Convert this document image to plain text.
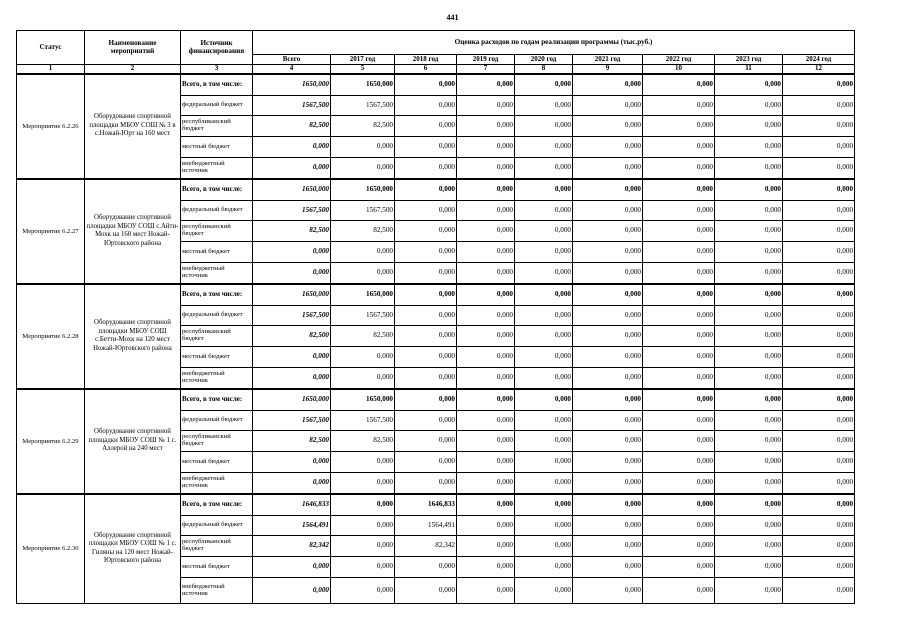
441
Статус	Наименование мероприятий	Источник финансирования	Оценка расходов по годам реализации программы (тыс.руб.)								
			Всего	2017 год	2018 год	2019 год	2020 год	2021 год	2022 год	2023 год	2024 год
1	2	3	4	5	6	7	8	9	10	11	12
Мероприятие 6.2.26	Оборудование спортивной площадки МБОУ СОШ № 3 в с.Ножай-Юрт на 160 мест	Всего, в том числе:	1650,000	1650,000	0,000	0,000	0,000	0,000	0,000	0,000	0,000
		федеральный бюджет	1567,500	1567,500	0,000	0,000	0,000	0,000	0,000	0,000	0,000
		республиканский бюджет	82,500	82,500	0,000	0,000	0,000	0,000	0,000	0,000	0,000
		местный бюджет	0,000	0,000	0,000	0,000	0,000	0,000	0,000	0,000	0,000
		внебюджетный источник	0,000	0,000	0,000	0,000	0,000	0,000	0,000	0,000	0,000
Мероприятие 6.2.27	Оборудование спортивной площадки МБОУ СОШ с.Айти-Мохк на 160 мест Ножай-Юртовского района	Всего, в том числе:	1650,000	1650,000	0,000	0,000	0,000	0,000	0,000	0,000	0,000
		федеральный бюджет	1567,500	1567,500	0,000	0,000	0,000	0,000	0,000	0,000	0,000
		республиканский бюджет	82,500	82,500	0,000	0,000	0,000	0,000	0,000	0,000	0,000
		местный бюджет	0,000	0,000	0,000	0,000	0,000	0,000	0,000	0,000	0,000
		внебюджетный источник	0,000	0,000	0,000	0,000	0,000	0,000	0,000	0,000	0,000
Мероприятие 6.2.28	Оборудование спортивной площадки МБОУ СОШ с.Бетти-Мохк на 120 мест Ножай-Юртовского района	Всего, в том числе:	1650,000	1650,000	0,000	0,000	0,000	0,000	0,000	0,000	0,000
		федеральный бюджет	1567,500	1567,500	0,000	0,000	0,000	0,000	0,000	0,000	0,000
		республиканский бюджет	82,500	82,500	0,000	0,000	0,000	0,000	0,000	0,000	0,000
		местный бюджет	0,000	0,000	0,000	0,000	0,000	0,000	0,000	0,000	0,000
		внебюджетный источник	0,000	0,000	0,000	0,000	0,000	0,000	0,000	0,000	0,000
Мероприятие 6.2.29	Оборудование спортивной площадки МБОУ СОШ № 1 с. Аллерой на 240 мест	Всего, в том числе:	1650,000	1650,000	0,000	0,000	0,000	0,000	0,000	0,000	0,000
		федеральный бюджет	1567,500	1567,500	0,000	0,000	0,000	0,000	0,000	0,000	0,000
		республиканский бюджет	82,500	82,500	0,000	0,000	0,000	0,000	0,000	0,000	0,000
		местный бюджет	0,000	0,000	0,000	0,000	0,000	0,000	0,000	0,000	0,000
		внебюджетный источник	0,000	0,000	0,000	0,000	0,000	0,000	0,000	0,000	0,000
Мероприятие 6.2.30	Оборудование спортивной площадки МБОУ СОШ № 1 с. Гиляны на 120 мест Ножай-Юртовского района	Всего, в том числе:	1646,833	0,000	1646,833	0,000	0,000	0,000	0,000	0,000	0,000
		федеральный бюджет	1564,491	0,000	1564,491	0,000	0,000	0,000	0,000	0,000	0,000
		республиканский бюджет	82,342	0,000	82,342	0,000	0,000	0,000	0,000	0,000	0,000
		местный бюджет	0,000	0,000	0,000	0,000	0,000	0,000	0,000	0,000	0,000
		внебюджетный источник	0,000	0,000	0,000	0,000	0,000	0,000	0,000	0,000	0,000
